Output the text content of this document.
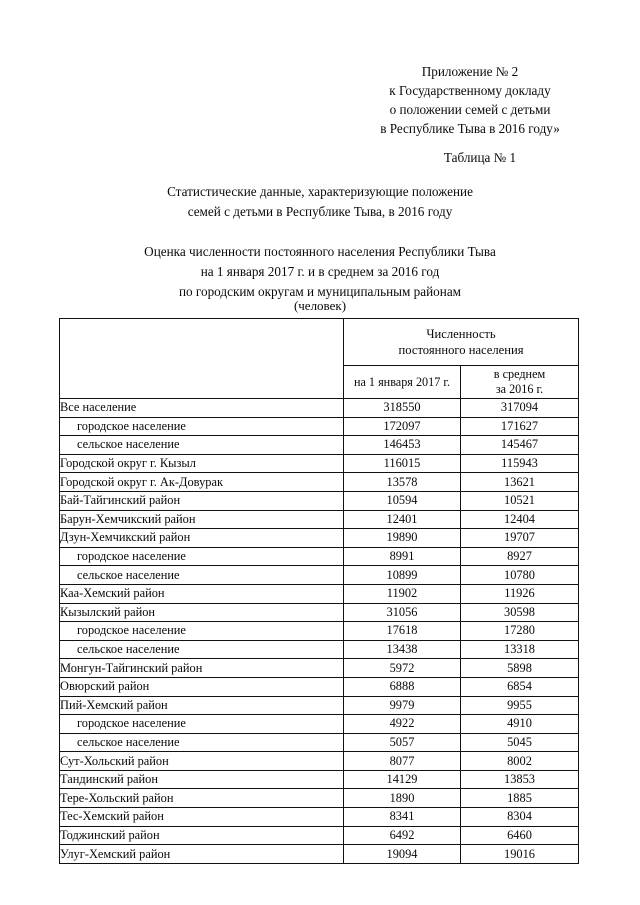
Приложение № 2
к Государственному докладу
о положении семей с детьми
в Республике Тыва в 2016 году»
Таблица № 1
Статистические данные, характеризующие положение
семей с детьми в Республике Тыва, в 2016 году
Оценка численности постоянного населения Республики Тыва
на 1 января 2017 г. и в среднем за 2016 год
по городским округам и муниципальным районам
(человек)
	Численность
постоянного населения	
	на 1 января 2017 г.	в среднем
за 2016 г.

Все население	318550	317094
городское население	172097	171627
сельское население	146453	145467
Городской округ г. Кызыл	116015	115943
Городской округ г. Ак-Довурак	13578	13621
Бай-Тайгинский район	10594	10521
Барун-Хемчикский район	12401	12404
Дзун-Хемчикский район	19890	19707
городское население	8991	8927
сельское население	10899	10780
Каа-Хемский район	11902	11926
Кызылский район	31056	30598
городское население	17618	17280
сельское население	13438	13318
Монгун-Тайгинский район	5972	5898
Овюрский район	6888	6854
Пий-Хемский район	9979	9955
городское население	4922	4910
сельское население	5057	5045
Сут-Хольский район	8077	8002
Тандинский район	14129	13853
Тере-Хольский район	1890	1885
Тес-Хемский район	8341	8304
Тоджинский район	6492	6460
Улуг-Хемский район	19094	19016
